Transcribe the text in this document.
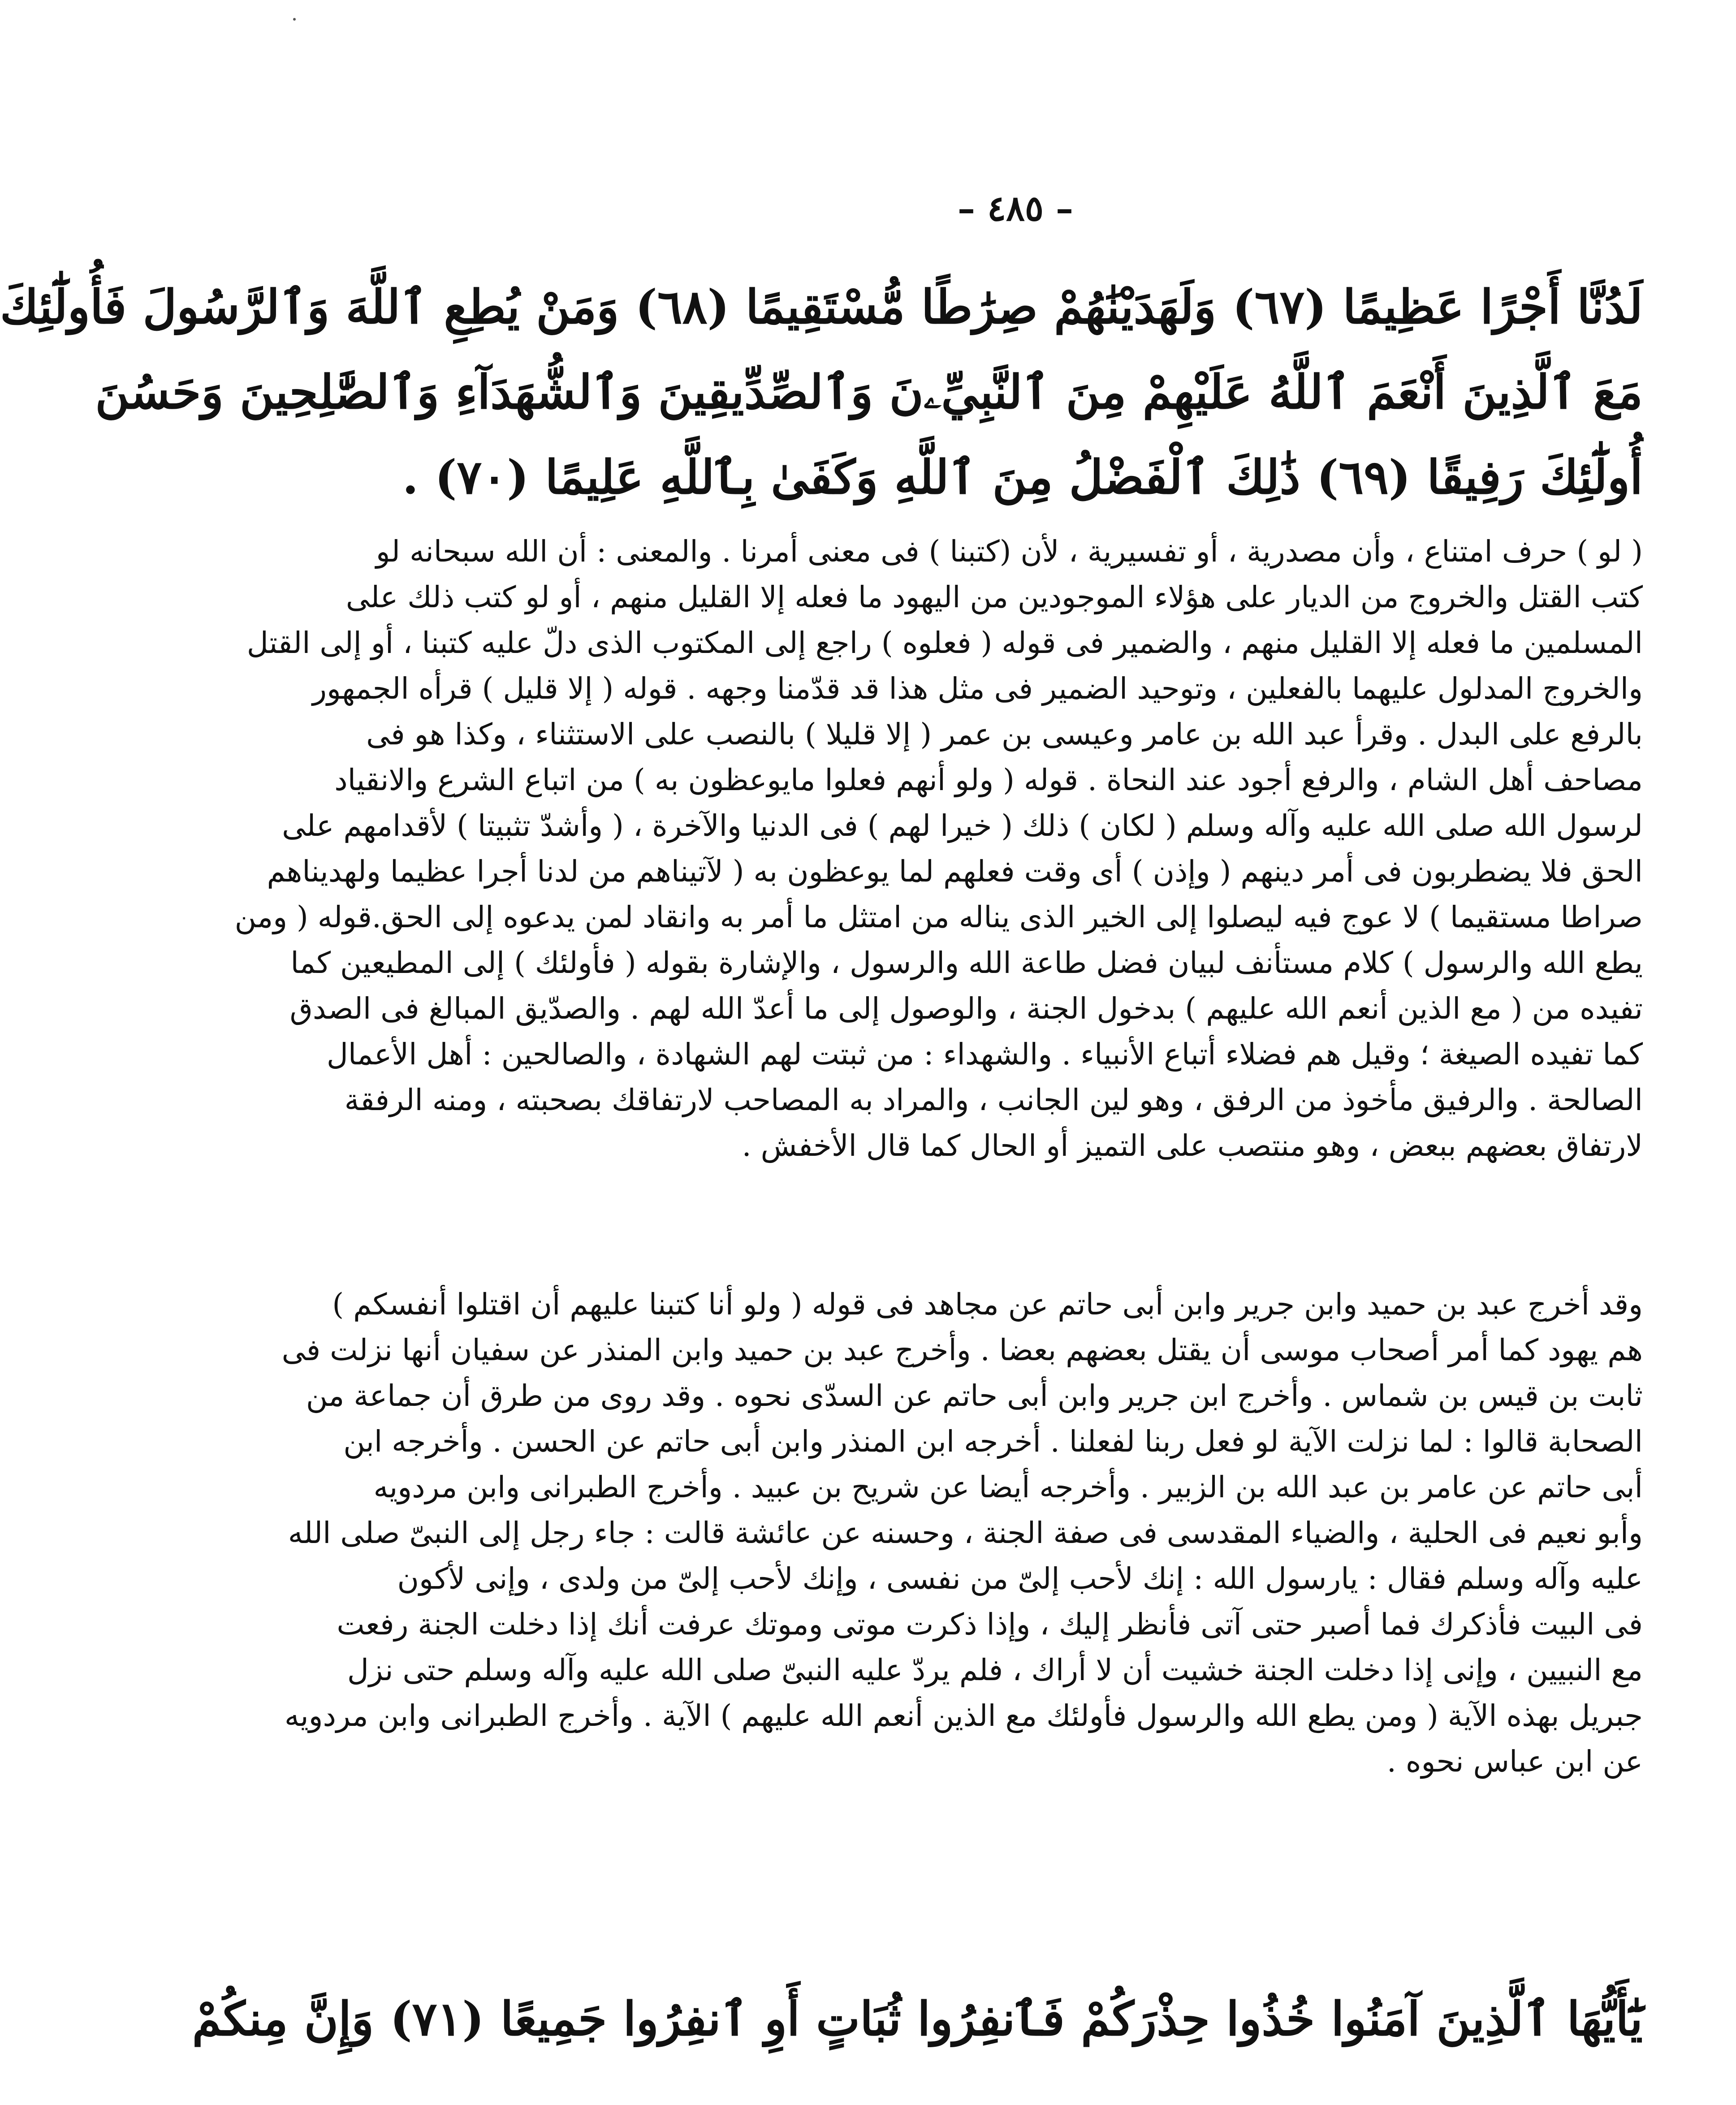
– ٤٨٥ –
لَدُنَّا أَجْرًا عَظِيمًا (٦٧) وَلَهَدَيْنَٰهُمْ صِرَٰطًا مُّسْتَقِيمًا (٦٨) وَمَنْ يُطِعِ ٱللَّهَ وَٱلرَّسُولَ فَأُولَٰٓئِكَ
مَعَ ٱلَّذِينَ أَنْعَمَ ٱللَّهُ عَلَيْهِمْ مِنَ ٱلنَّبِيِّۦنَ وَٱلصِّدِّيقِينَ وَٱلشُّهَدَآءِ وَٱلصَّٰلِحِينَ وَحَسُنَ
أُولَٰٓئِكَ رَفِيقًا (٦٩) ذَٰلِكَ ٱلْفَضْلُ مِنَ ٱللَّهِ وَكَفَىٰ بِٱللَّهِ عَلِيمًا (٧٠) .
( لو ) حرف امتناع ، وأن مصدرية ، أو تفسيرية ، لأن (كتبنا ) فى معنى أمرنا . والمعنى : أن الله سبحانه لو
كتب القتل والخروج من الديار على هؤلاء الموجودين من اليهود ما فعله إلا القليل منهم ، أو لو كتب ذلك على
المسلمين ما فعله إلا القليل منهم ، والضمير فى قوله ( فعلوه ) راجع إلى المكتوب الذى دلّ عليه كتبنا ، أو إلى القتل
والخروج المدلول عليهما بالفعلين ، وتوحيد الضمير فى مثل هذا قد قدّمنا وجهه . قوله ( إلا قليل ) قرأه الجمهور
بالرفع على البدل . وقرأ عبد الله بن عامر وعيسى بن عمر ( إلا قليلا ) بالنصب على الاستثناء ، وكذا هو فى
مصاحف أهل الشام ، والرفع أجود عند النحاة . قوله ( ولو أنهم فعلوا مايوعظون به ) من اتباع الشرع والانقياد
لرسول الله صلى الله عليه وآله وسلم ( لكان ) ذلك ( خيرا لهم ) فى الدنيا والآخرة ، ( وأشدّ تثبيتا ) لأقدامهم على
الحق فلا يضطربون فى أمر دينهم ( وإذن ) أى وقت فعلهم لما يوعظون به ( لآتيناهم من لدنا أجرا عظيما ولهديناهم
صراطا مستقيما ) لا عوج فيه ليصلوا إلى الخير الذى يناله من امتثل ما أمر به وانقاد لمن يدعوه إلى الحق.قوله ( ومن
يطع الله والرسول ) كلام مستأنف لبيان فضل طاعة الله والرسول ، والإشارة بقوله ( فأولئك ) إلى المطيعين كما
تفيده من ( مع الذين أنعم الله عليهم ) بدخول الجنة ، والوصول إلى ما أعدّ الله لهم . والصدّيق المبالغ فى الصدق
كما تفيده الصيغة ؛ وقيل هم فضلاء أتباع الأنبياء . والشهداء : من ثبتت لهم الشهادة ، والصالحين : أهل الأعمال
الصالحة . والرفيق مأخوذ من الرفق ، وهو لين الجانب ، والمراد به المصاحب لارتفاقك بصحبته ، ومنه الرفقة
لارتفاق بعضهم ببعض ، وهو منتصب على التميز أو الحال كما قال الأخفش .
وقد أخرج عبد بن حميد وابن جرير وابن أبى حاتم عن مجاهد فى قوله ( ولو أنا كتبنا عليهم أن اقتلوا أنفسكم )
هم يهود كما أمر أصحاب موسى أن يقتل بعضهم بعضا . وأخرج عبد بن حميد وابن المنذر عن سفيان أنها نزلت فى
ثابت بن قيس بن شماس . وأخرج ابن جرير وابن أبى حاتم عن السدّى نحوه . وقد روى من طرق أن جماعة من
الصحابة قالوا : لما نزلت الآية لو فعل ربنا لفعلنا . أخرجه ابن المنذر وابن أبى حاتم عن الحسن . وأخرجه ابن
أبى حاتم عن عامر بن عبد الله بن الزبير . وأخرجه أيضا عن شريح بن عبيد . وأخرج الطبرانى وابن مردويه
وأبو نعيم فى الحلية ، والضياء المقدسى فى صفة الجنة ، وحسنه عن عائشة قالت : جاء رجل إلى النبىّ صلى الله
عليه وآله وسلم فقال : يارسول الله : إنك لأحب إلىّ من نفسى ، وإنك لأحب إلىّ من ولدى ، وإنى لأكون
فى البيت فأذكرك فما أصبر حتى آتى فأنظر إليك ، وإذا ذكرت موتى وموتك عرفت أنك إذا دخلت الجنة رفعت
مع النبيين ، وإنى إذا دخلت الجنة خشيت أن لا أراك ، فلم يردّ عليه النبىّ صلى الله عليه وآله وسلم حتى نزل
جبريل بهذه الآية ( ومن يطع الله والرسول فأولئك مع الذين أنعم الله عليهم ) الآية . وأخرج الطبرانى وابن مردويه
عن ابن عباس نحوه .
يَٰٓأَيُّهَا ٱلَّذِينَ آمَنُوا خُذُوا حِذْرَكُمْ فَٱنفِرُوا ثُبَاتٍ أَوِ ٱنفِرُوا جَمِيعًا (٧١) وَإِنَّ مِنكُمْ
